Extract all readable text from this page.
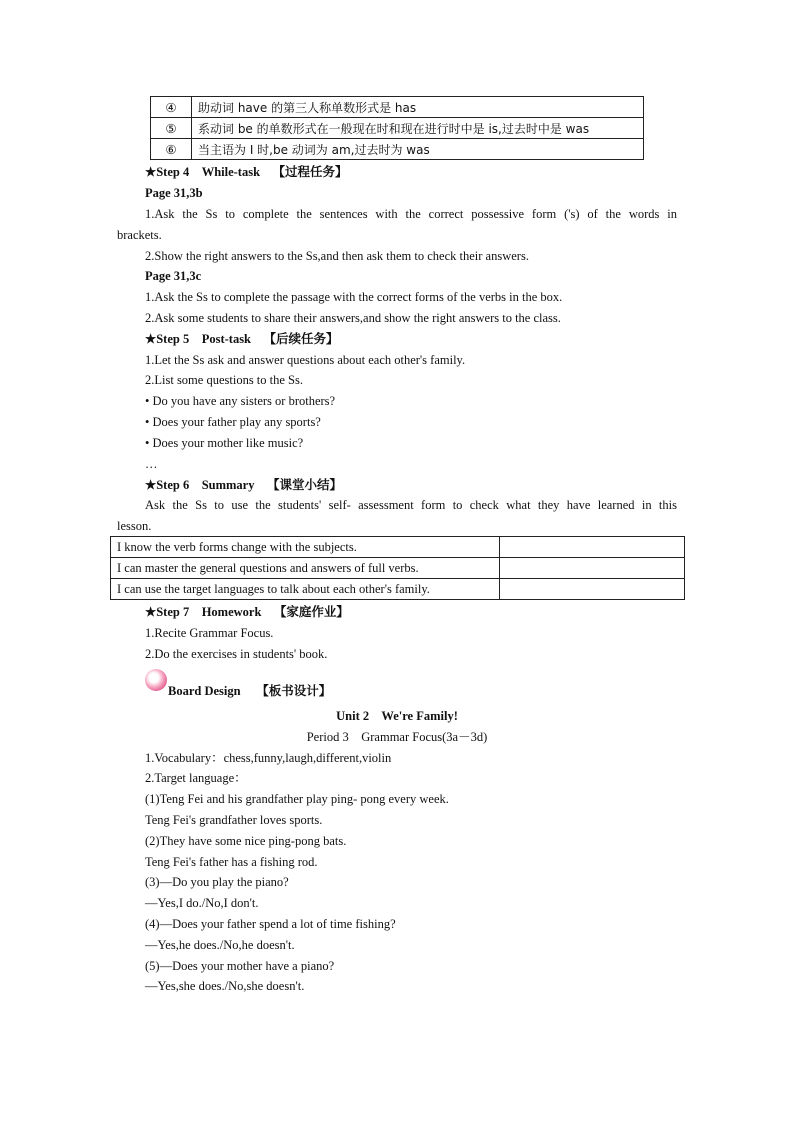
④	助动词 have 的第三人称单数形式是 has
⑤	系动词 be 的单数形式在一般现在时和现在进行时中是 is,过去时中是 was
⑥	当主语为 I 时,be 动词为 am,过去时为 was
★Step 4 While-task 【过程任务】
Page 31,3b
1.Ask the Ss to complete the sentences with the correct possessive form ('s) of the words in
brackets.
2.Show the right answers to the Ss,and then ask them to check their answers.
Page 31,3c
1.Ask the Ss to complete the passage with the correct forms of the verbs in the box.
2.Ask some students to share their answers,and show the right answers to the class.
★Step 5 Post-task 【后续任务】
1.Let the Ss ask and answer questions about each other's family.
2.List some questions to the Ss.
• Do you have any sisters or brothers?
• Does your father play any sports?
• Does your mother like music?
…
★Step 6 Summary 【课堂小结】
Ask the Ss to use the students' self- assessment form to check what they have learned in this
lesson.
I know the verb forms change with the subjects.	
I can master the general questions and answers of full verbs.	
I can use the target languages to talk about each other's family.	
★Step 7 Homework 【家庭作业】
1.Recite Grammar Focus.
2.Do the exercises in students' book.
Board Design 【板书设计】
Unit 2    We're Family!
Period 3    Grammar Focus(3a－3d)
1.Vocabulary：chess,funny,laugh,different,violin
2.Target language：
(1)Teng Fei and his grandfather play ping- pong every week.
Teng Fei's grandfather loves sports.
(2)They have some nice ping-pong bats.
Teng Fei's father has a fishing rod.
(3)—Do you play the piano?
—Yes,I do./No,I don't.
(4)—Does your father spend a lot of time fishing?
—Yes,he does./No,he doesn't.
(5)—Does your mother have a piano?
—Yes,she does./No,she doesn't.
